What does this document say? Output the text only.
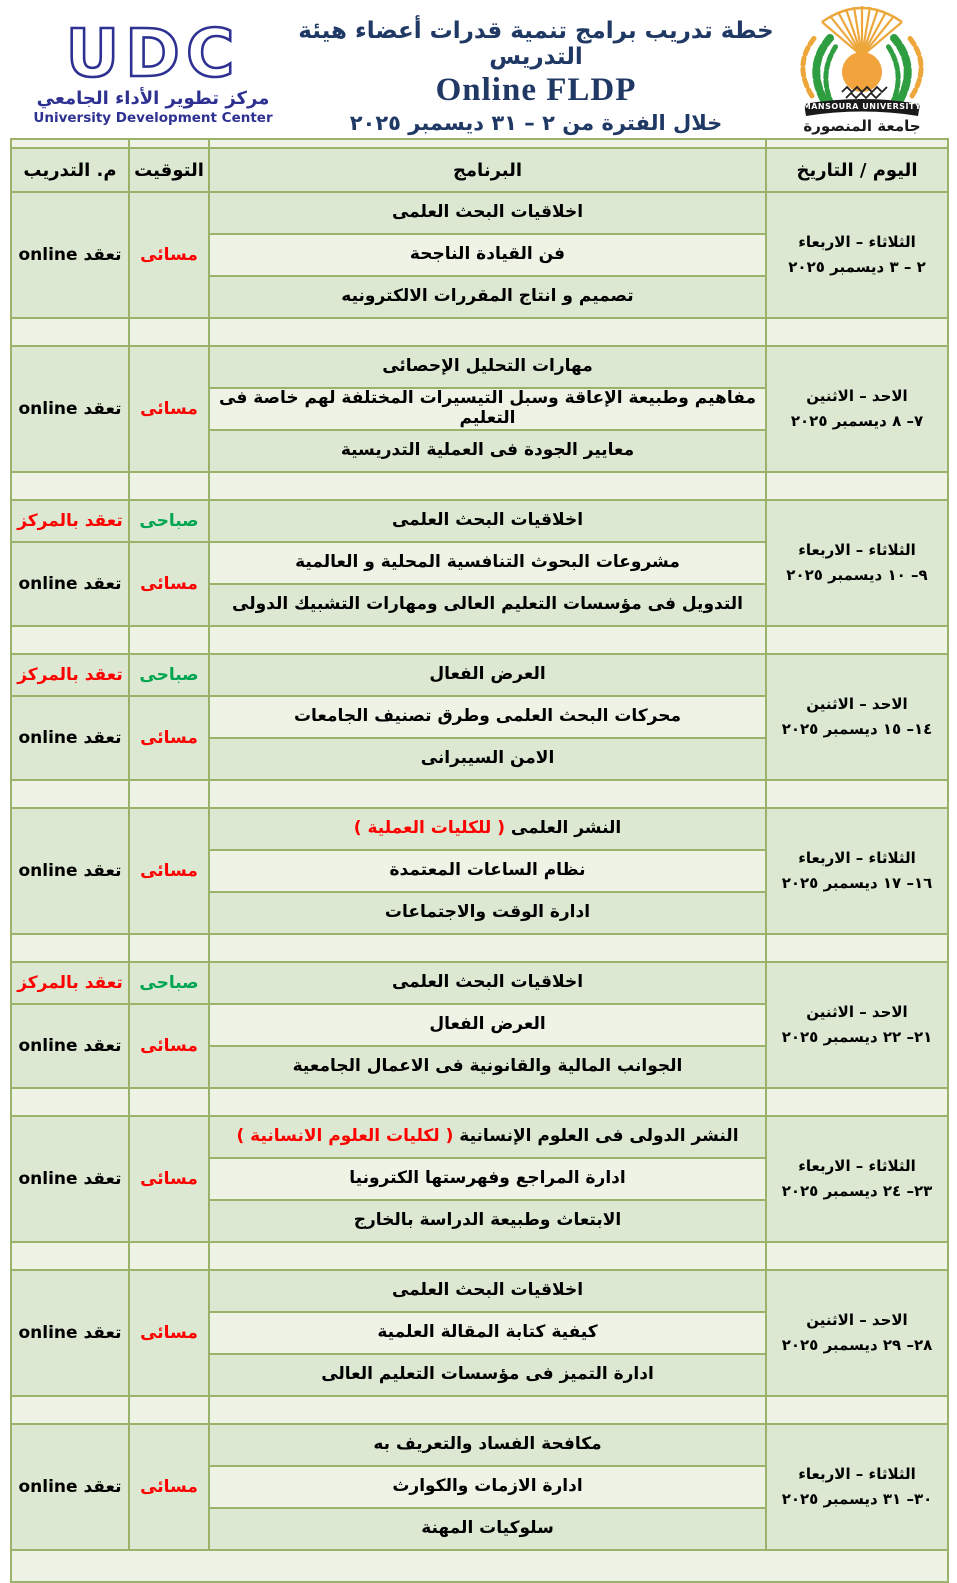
UDC
مركز تطوير الأداء الجامعي
University Development Center
خطة تدريب برامج تنمية قدرات أعضاء هيئة التدريس
Online FLDP
خلال الفترة من ٢ – ٣١ ديسمبر ٢٠٢٥
MANSOURA UNIVERSITY
جامعة المنصورة

اليوم / التاريخ	البرنامج	التوقيت	م. التدريب

الثلاثاء – الاربعاء
٢ – ٣ ديسمبر ٢٠٢٥	اخلاقيات البحث العلمى	مسائى	تعقد online
	فن القيادة الناجحة		
	تصميم و انتاج المقررات الالكترونيه		

الاحد – الاثنين
٧– ٨ ديسمبر ٢٠٢٥	مهارات التحليل الإحصائى	مسائى	تعقد online
	مفاهيم وطبيعة الإعاقة وسبل التيسيرات المختلفة لهم خاصة فى التعليم		
	معايير الجودة فى العملية التدريسية		

الثلاثاء – الاربعاء
٩– ١٠ ديسمبر ٢٠٢٥	اخلاقيات البحث العلمى	صباحى	تعقد بالمركز
	مشروعات البحوث التنافسية المحلية و العالمية	مسائى	تعقد online
	التدويل فى مؤسسات التعليم العالى ومهارات التشبيك الدولى		

الاحد – الاثنين
١٤– ١٥ ديسمبر ٢٠٢٥	العرض الفعال	صباحى	تعقد بالمركز
	محركات البحث العلمى وطرق تصنيف الجامعات	مسائى	تعقد online
	الامن السيبرانى		

الثلاثاء – الاربعاء
١٦– ١٧ ديسمبر ٢٠٢٥	النشر العلمى ( للكليات العملية )	مسائى	تعقد online
	نظام الساعات المعتمدة		
	ادارة الوقت والاجتماعات		

الاحد – الاثنين
٢١– ٢٢ ديسمبر ٢٠٢٥	اخلاقيات البحث العلمى	صباحى	تعقد بالمركز
	العرض الفعال	مسائى	تعقد online
	الجوانب المالية والقانونية فى الاعمال الجامعية		

الثلاثاء – الاربعاء
٢٣– ٢٤ ديسمبر ٢٠٢٥	النشر الدولى فى العلوم الإنسانية ( لكليات العلوم الانسانية )	مسائى	تعقد online
	ادارة المراجع وفهرستها الكترونيا		
	الابتعاث وطبيعة الدراسة بالخارج		

الاحد – الاثنين
٢٨– ٢٩ ديسمبر ٢٠٢٥	اخلاقيات البحث العلمى	مسائى	تعقد online
	كيفية كتابة المقالة العلمية		
	ادارة التميز فى مؤسسات التعليم العالى		

الثلاثاء – الاربعاء
٣٠– ٣١ ديسمبر ٢٠٢٥	مكافحة الفساد والتعريف به	مسائى	تعقد online
	ادارة الازمات والكوارث		
	سلوكيات المهنة		
